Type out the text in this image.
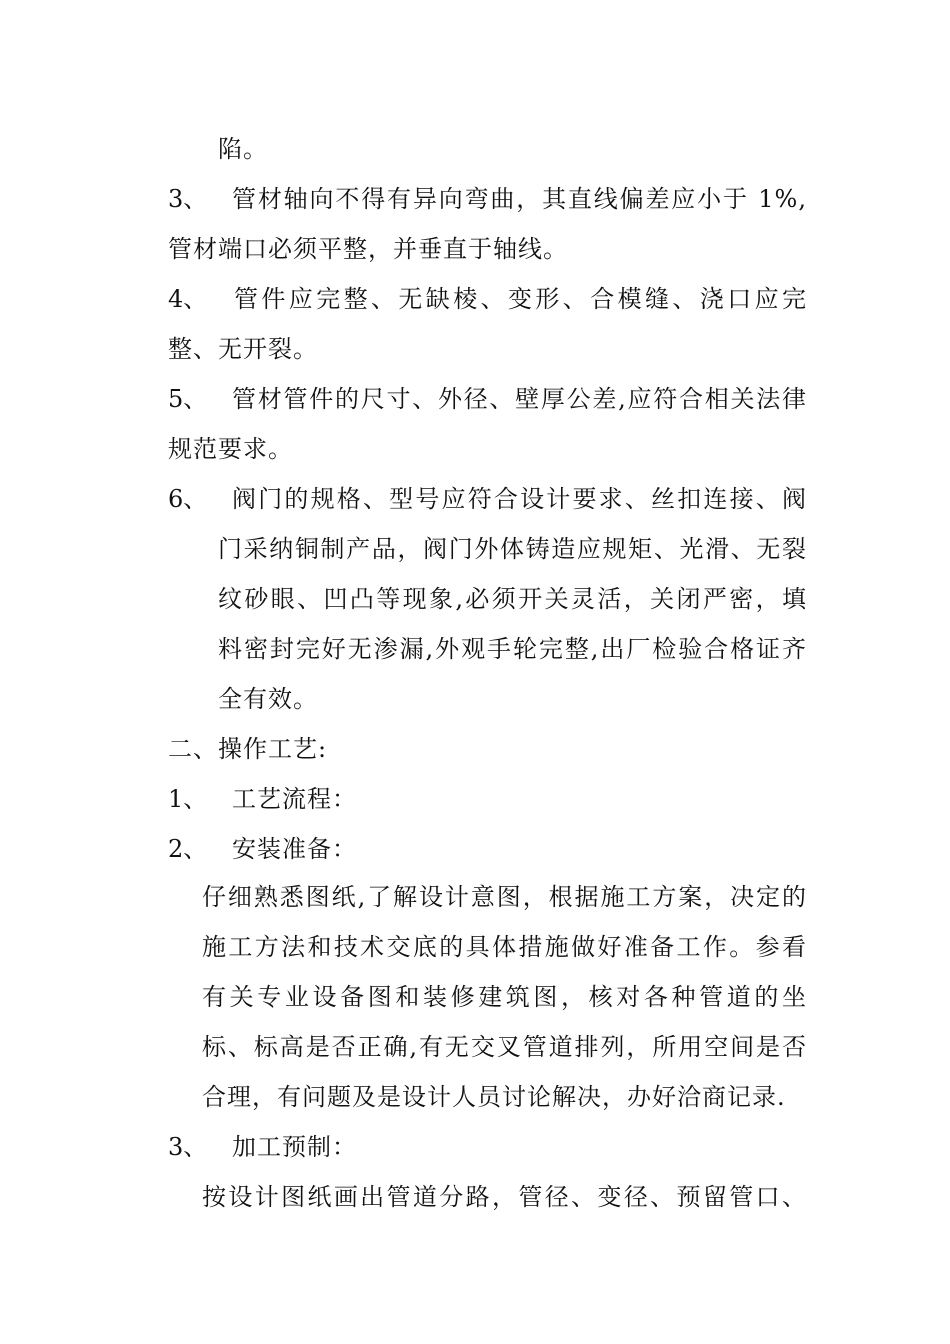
陷。
3、 管材轴向不得有异向弯曲，其直线偏差应小于 1%,
管材端口必须平整，并垂直于轴线。
4、 管件应完整、无缺棱、变形、合模缝、浇口应完
整、无开裂。
5、 管材管件的尺寸、外径、壁厚公差,应符合相关法律
规范要求。
6、 阀门的规格、型号应符合设计要求、丝扣连接、阀
门采纳铜制产品，阀门外体铸造应规矩、光滑、无裂
纹砂眼、凹凸等现象,必须开关灵活，关闭严密，填
料密封完好无渗漏,外观手轮完整,出厂检验合格证齐
全有效。
二、操作工艺:
1、 工艺流程：
2、 安装准备：
仔细熟悉图纸,了解设计意图，根据施工方案，决定的
施工方法和技术交底的具体措施做好准备工作。参看
有关专业设备图和装修建筑图，核对各种管道的坐
标、标高是否正确,有无交叉管道排列，所用空间是否
合理，有问题及是设计人员讨论解决，办好洽商记录.
3、 加工预制：
按设计图纸画出管道分路，管径、变径、预留管口、
